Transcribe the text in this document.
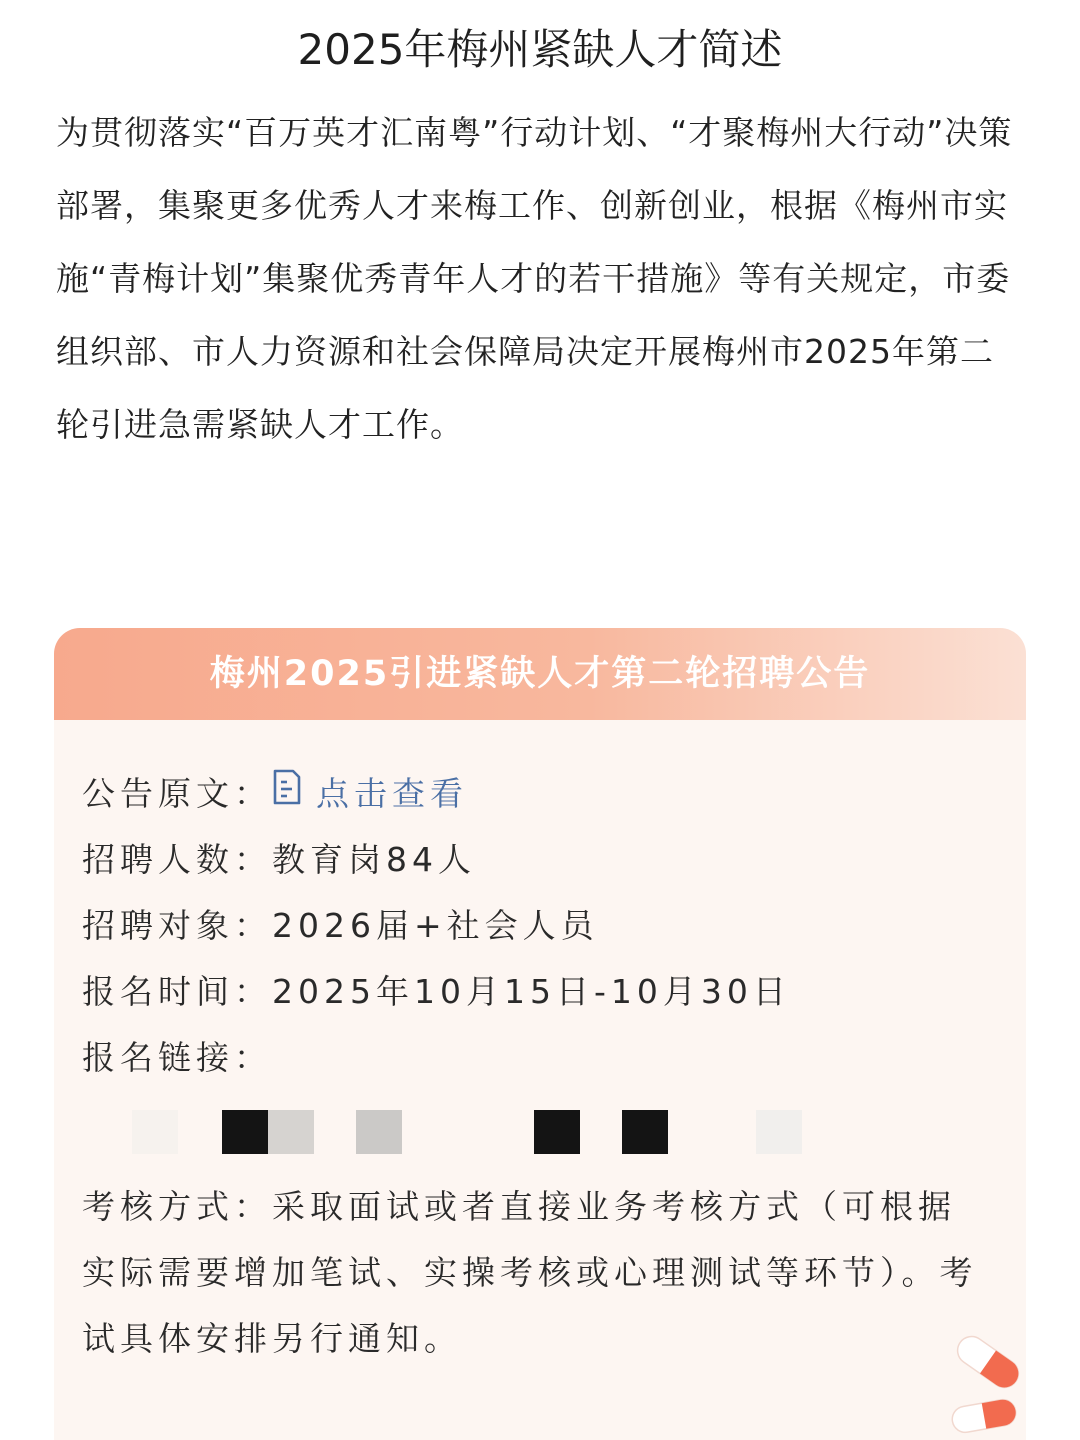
2025年梅州紧缺人才简述

为贯彻落实“百万英才汇南粤”行动计划、“才聚梅州大行动”决策部署，集聚更多优秀人才来梅工作、创新创业，根据《梅州市实施“青梅计划”集聚优秀青年人才的若干措施》等有关规定，市委组织部、市人力资源和社会保障局决定开展梅州市2025年第二轮引进急需紧缺人才工作。

梅州2025引进紧缺人才第二轮招聘公告
公告原文： 点击查看
招聘人数：教育岗84人
招聘对象：2026届+社会人员
报名时间：2025年10月15日-10月30日
报名链接：

考核方式：采取面试或者直接业务考核方式（可根据实际需要增加笔试、实操考核或心理测试等环节）。考试具体安排另行通知。
